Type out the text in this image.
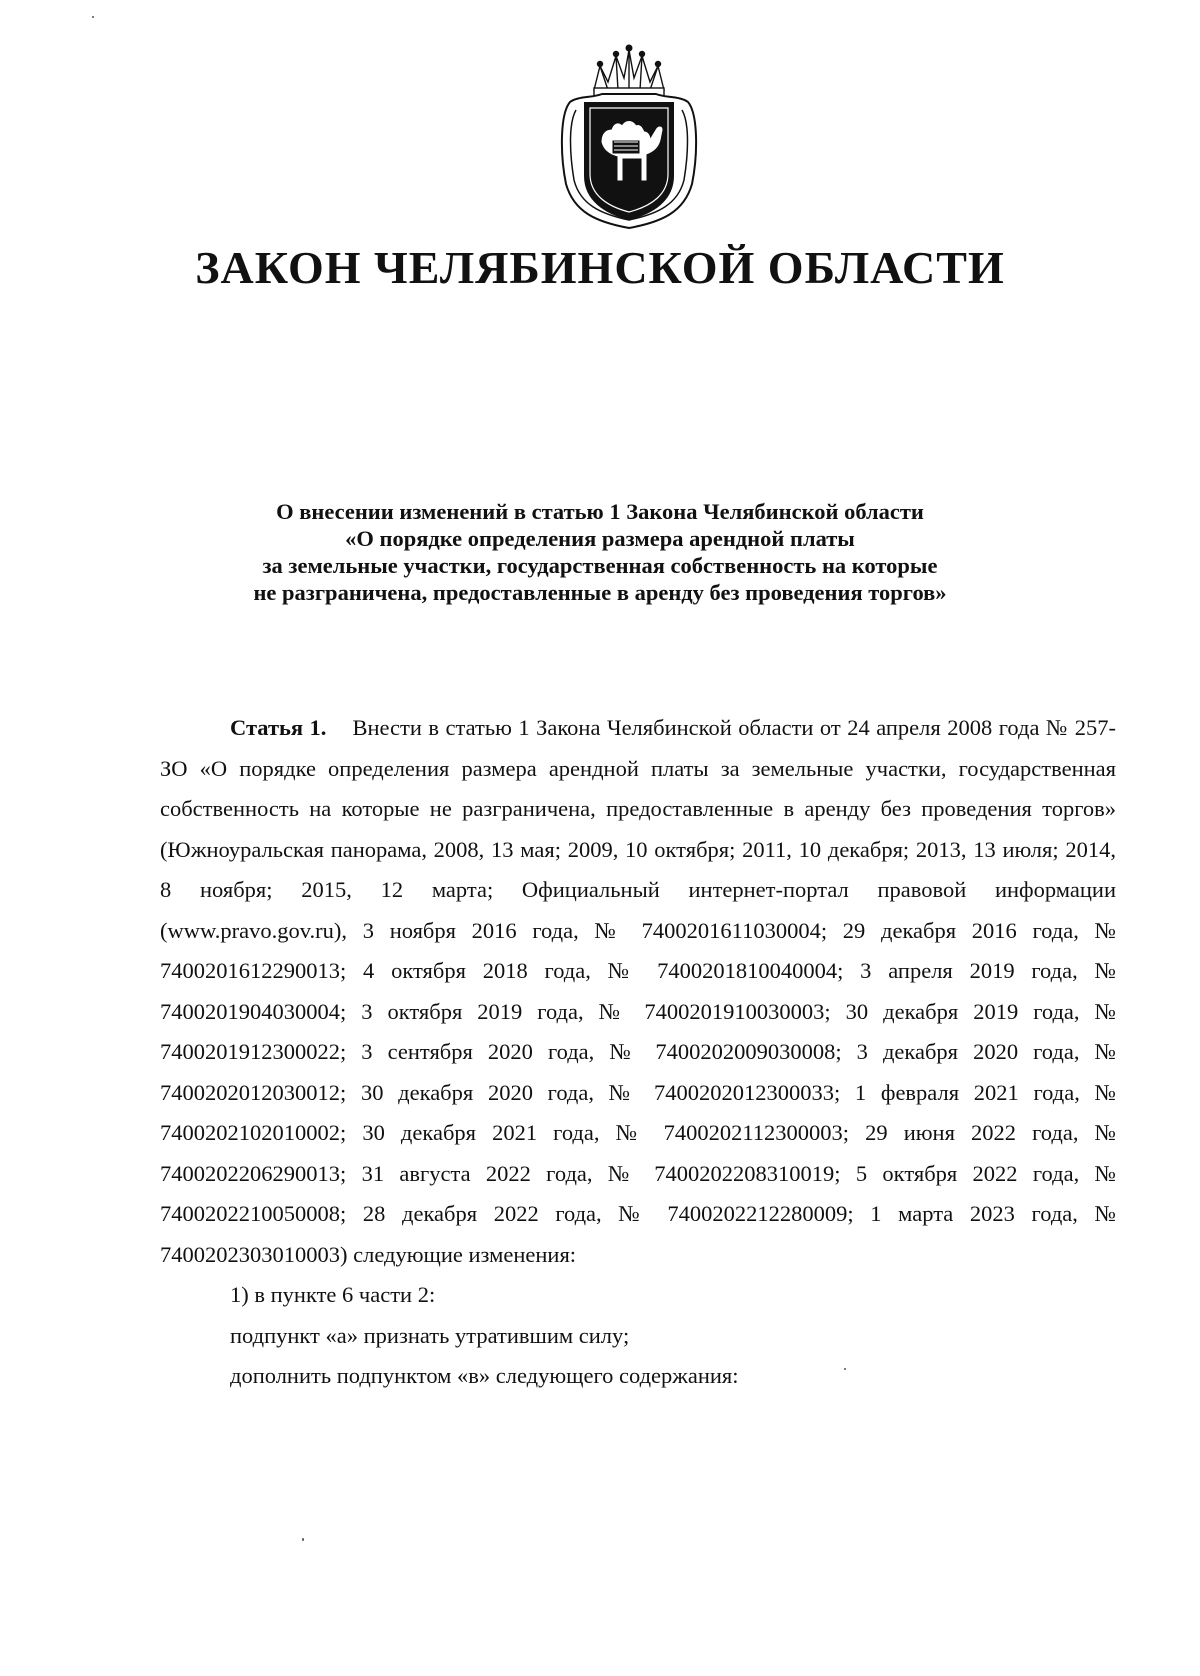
ЗАКОН ЧЕЛЯБИНСКОЙ ОБЛАСТИ
О внесении изменений в статью 1 Закона Челябинской области
«О порядке определения размера арендной платы
за земельные участки, государственная собственность на которые
не разграничена, предоставленные в аренду без проведения торгов»

Статья 1. Внести в статью 1 Закона Челябинской области от 24 апреля 2008 года № 257-ЗО «О порядке определения размера арендной платы за земельные участки, государственная собственность на которые не разграничена, предоставленные в аренду без проведения торгов» (Южноуральская панорама, 2008, 13 мая; 2009, 10 октября; 2011, 10 декабря; 2013, 13 июля; 2014, 8 ноября; 2015, 12 марта; Официальный интернет-портал правовой информации (www.pravo.gov.ru), 3 ноября 2016 года, № 7400201611030004; 29 декабря 2016 года, № 7400201612290013; 4 октября 2018 года, № 7400201810040004; 3 апреля 2019 года, № 7400201904030004; 3 октября 2019 года, № 7400201910030003; 30 декабря 2019 года, № 7400201912300022; 3 сентября 2020 года, № 7400202009030008; 3 декабря 2020 года, № 7400202012030012; 30 декабря 2020 года, № 7400202012300033; 1 февраля 2021 года, № 7400202102010002; 30 декабря 2021 года, № 7400202112300003; 29 июня 2022 года, № 7400202206290013; 31 августа 2022 года, № 7400202208310019; 5 октября 2022 года, № 7400202210050008; 28 декабря 2022 года, № 7400202212280009; 1 марта 2023 года, № 7400202303010003) следующие изменения:

1) в пункте 6 части 2:

подпункт «а» признать утратившим силу;

дополнить подпунктом «в» следующего содержания:
